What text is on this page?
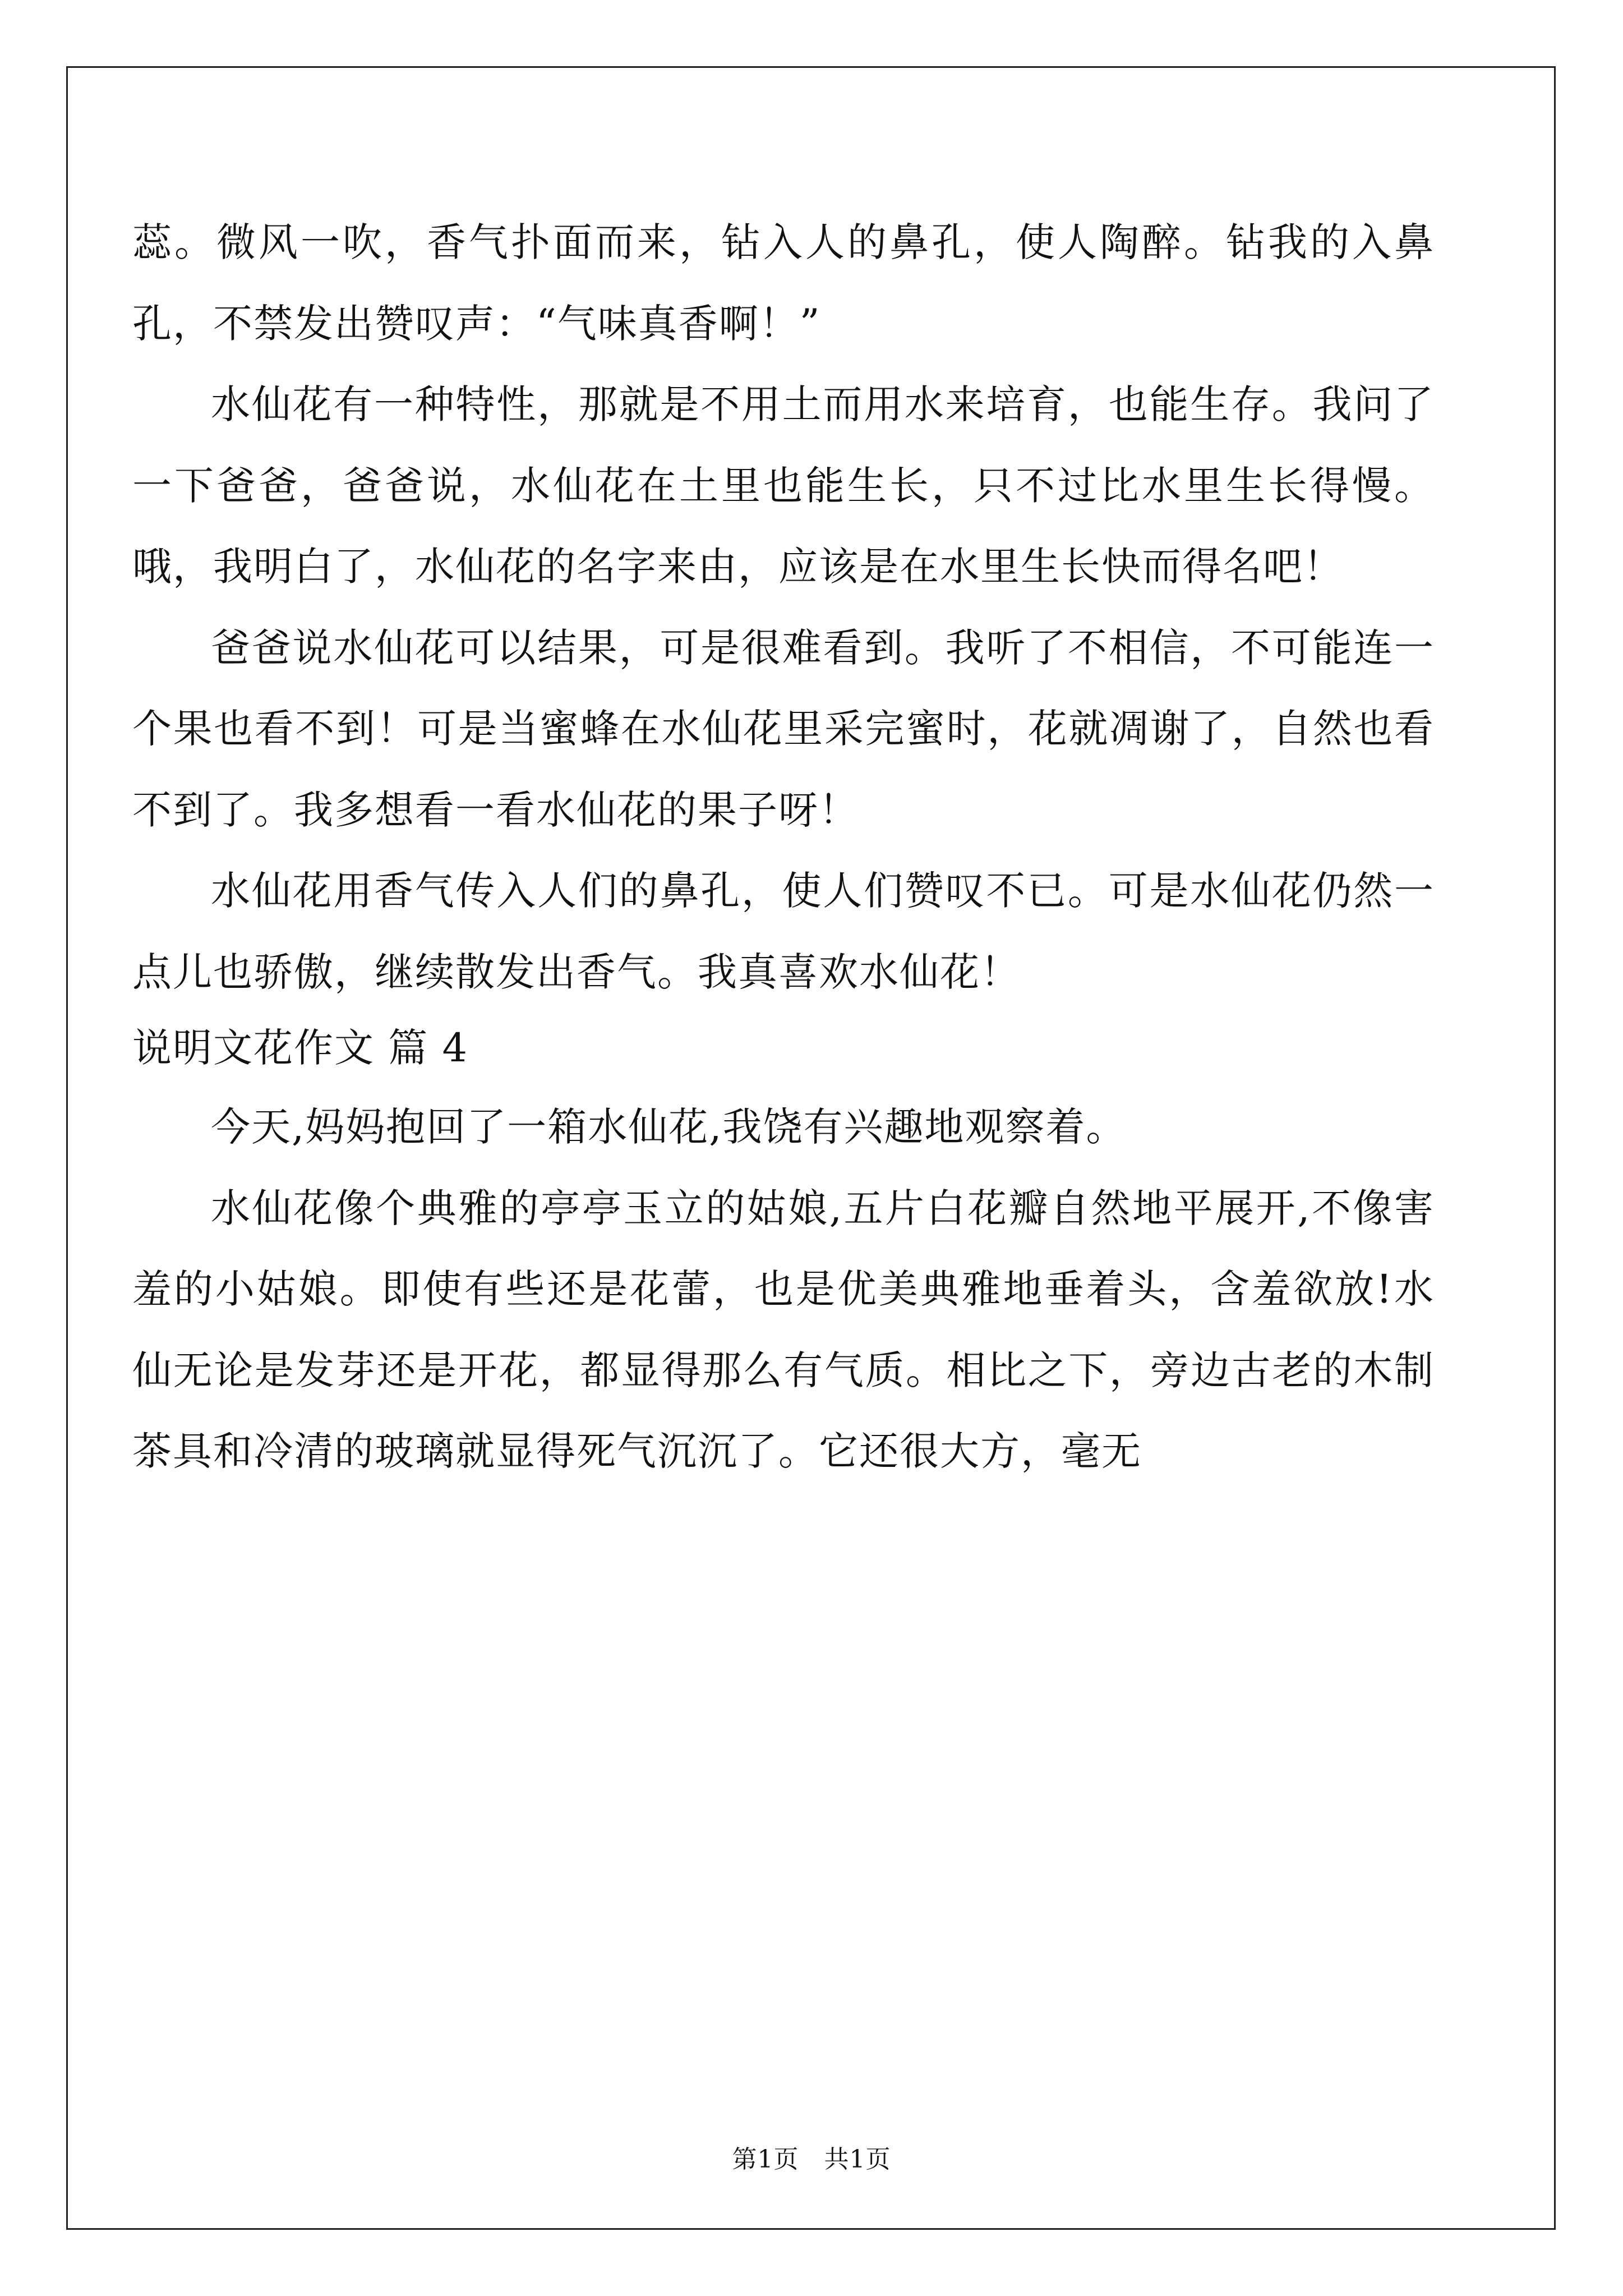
蕊。微风一吹，香气扑面而来，钻入人的鼻孔，使人陶醉。钻我的入鼻孔，不禁发出赞叹声：“气味真香啊！”

水仙花有一种特性，那就是不用土而用水来培育，也能生存。我问了一下爸爸，爸爸说，水仙花在土里也能生长，只不过比水里生长得慢。哦，我明白了，水仙花的名字来由，应该是在水里生长快而得名吧！

爸爸说水仙花可以结果，可是很难看到。我听了不相信，不可能连一个果也看不到！可是当蜜蜂在水仙花里采完蜜时，花就凋谢了，自然也看不到了。我多想看一看水仙花的果子呀！

水仙花用香气传入人们的鼻孔，使人们赞叹不已。可是水仙花仍然一点儿也骄傲，继续散发出香气。我真喜欢水仙花！

说明文花作文 篇 4

今天,妈妈抱回了一箱水仙花,我饶有兴趣地观察着。

水仙花像个典雅的亭亭玉立的姑娘,五片白花瓣自然地平展开,不像害羞的小姑娘。即使有些还是花蕾，也是优美典雅地垂着头，含羞欲放!水仙无论是发芽还是开花，都显得那么有气质。相比之下，旁边古老的木制茶具和冷清的玻璃就显得死气沉沉了。它还很大方，毫无

第1页 共1页
